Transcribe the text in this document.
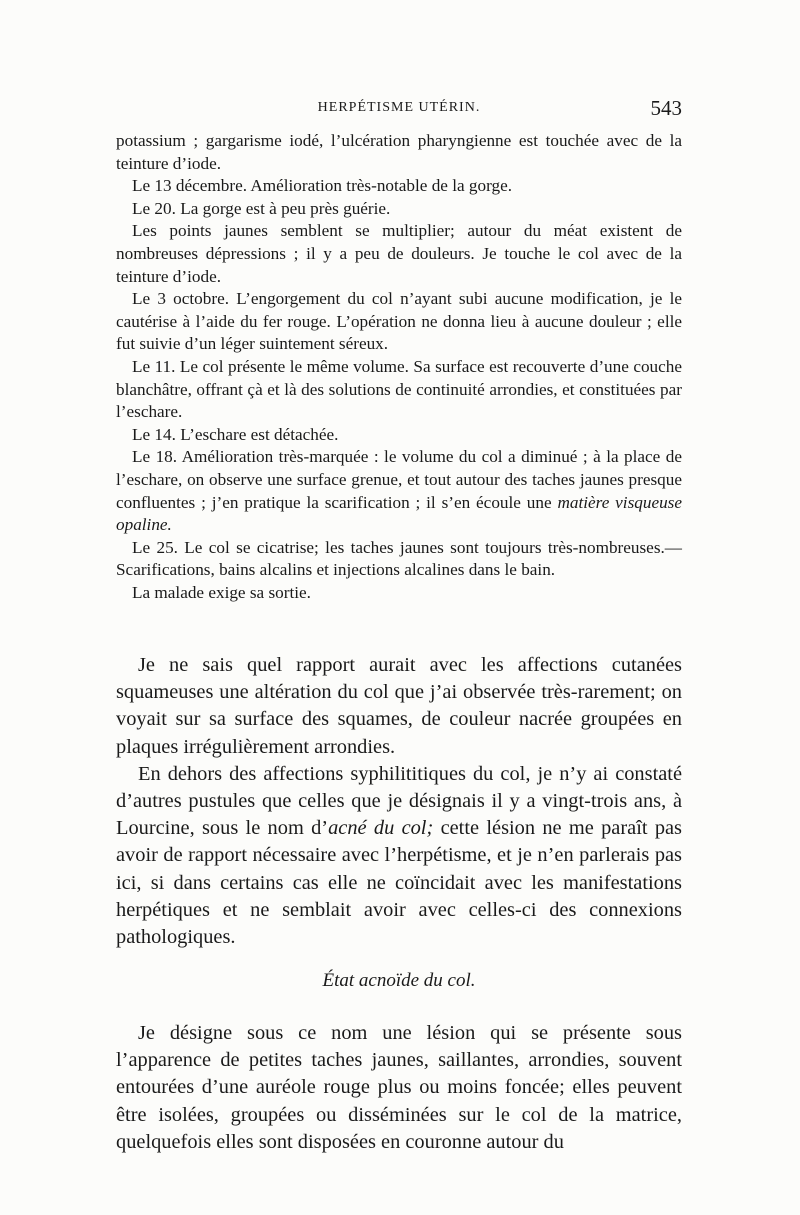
HERPÉTISME UTÉRIN.	543

potassium ; gargarisme iodé, l’ulcération pharyngienne est touchée avec de la teinture d’iode.

Le 13 décembre. Amélioration très-notable de la gorge.

Le 20. La gorge est à peu près guérie.

Les points jaunes semblent se multiplier; autour du méat existent de nombreuses dépressions ; il y a peu de douleurs. Je touche le col avec de la teinture d’iode.

Le 3 octobre. L’engorgement du col n’ayant subi aucune modification, je le cautérise à l’aide du fer rouge. L’opération ne donna lieu à aucune douleur ; elle fut suivie d’un léger suintement séreux.

Le 11. Le col présente le même volume. Sa surface est recouverte d’une couche blanchâtre, offrant çà et là des solutions de continuité arrondies, et constituées par l’eschare.

Le 14. L’eschare est détachée.

Le 18. Amélioration très-marquée : le volume du col a diminué ; à la place de l’eschare, on observe une surface grenue, et tout autour des taches jaunes presque confluentes ; j’en pratique la scarification ; il s’en écoule une matière visqueuse opaline.

Le 25. Le col se cicatrise; les taches jaunes sont toujours très-nombreuses.—Scarifications, bains alcalins et injections alcalines dans le bain.

La malade exige sa sortie.

Je ne sais quel rapport aurait avec les affections cutanées squameuses une altération du col que j’ai observée très-rarement; on voyait sur sa surface des squames, de couleur nacrée groupées en plaques irrégulièrement arrondies.

En dehors des affections syphilititiques du col, je n’y ai constaté d’autres pustules que celles que je désignais il y a vingt-trois ans, à Lourcine, sous le nom d’acné du col; cette lésion ne me paraît pas avoir de rapport nécessaire avec l’herpétisme, et je n’en parlerais pas ici, si dans certains cas elle ne coïncidait avec les manifestations herpétiques et ne semblait avoir avec celles-ci des connexions pathologiques.

État acnoïde du col.

Je désigne sous ce nom une lésion qui se présente sous l’apparence de petites taches jaunes, saillantes, arrondies, souvent entourées d’une auréole rouge plus ou moins foncée; elles peuvent être isolées, groupées ou disséminées sur le col de la matrice, quelquefois elles sont disposées en couronne autour du
